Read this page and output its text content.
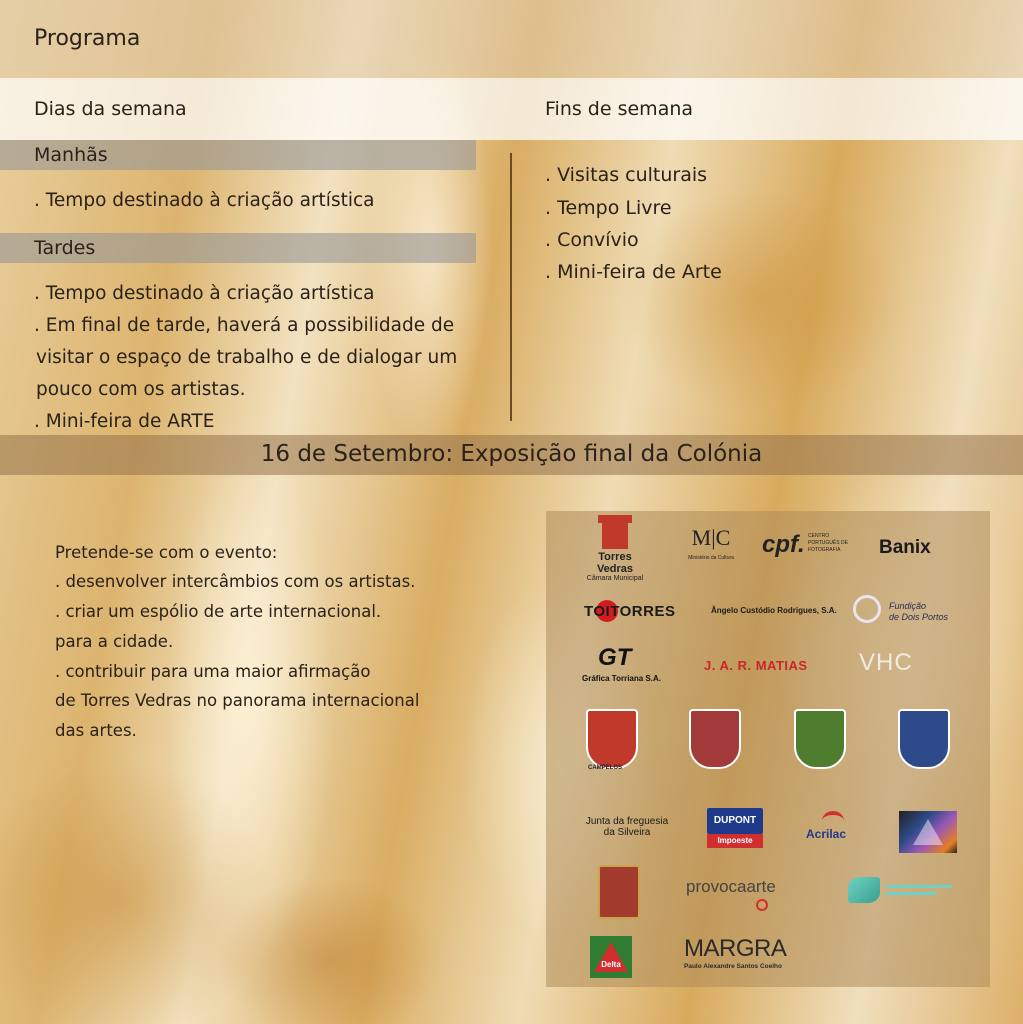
Programa
Dias da semana	Fins de semana
Manhãs
. Tempo destinado à criação artística
Tardes
. Tempo destinado à criação artística
. Em final de tarde, haverá a possibilidade de
visitar o espaço de trabalho e de dialogar um
pouco com os artistas.
. Mini-feira de ARTE
. Visitas culturais
. Tempo Livre
. Convívio
. Mini-feira de Arte
16 de Setembro: Exposição final da Colónia
Pretende-se com o evento:
. desenvolver intercâmbios com os artistas.
. criar um espólio de arte internacional.
para a cidade.
. contribuir para uma maior afirmação
de Torres Vedras no panorama internacional
das artes.
Torres Vedras
Câmara Municipal
M|C
Ministério da Cultura	cpf. CENTRO PORTUGUÊS DE FOTOGRAFIA	Banix
TOITORRES	Ângelo Custódio Rodrigues, S.A.	Fundição
de Dois Portos
GT
Gráfica Torriana S.A.
J. A. R. MATIAS VHC
CAMPELOS
Junta da freguesia
da Silveira
DUPONT
Impoeste	Acrilac
provocaarte
Delta
MARGRA
Paulo Alexandre Santos Coelho
